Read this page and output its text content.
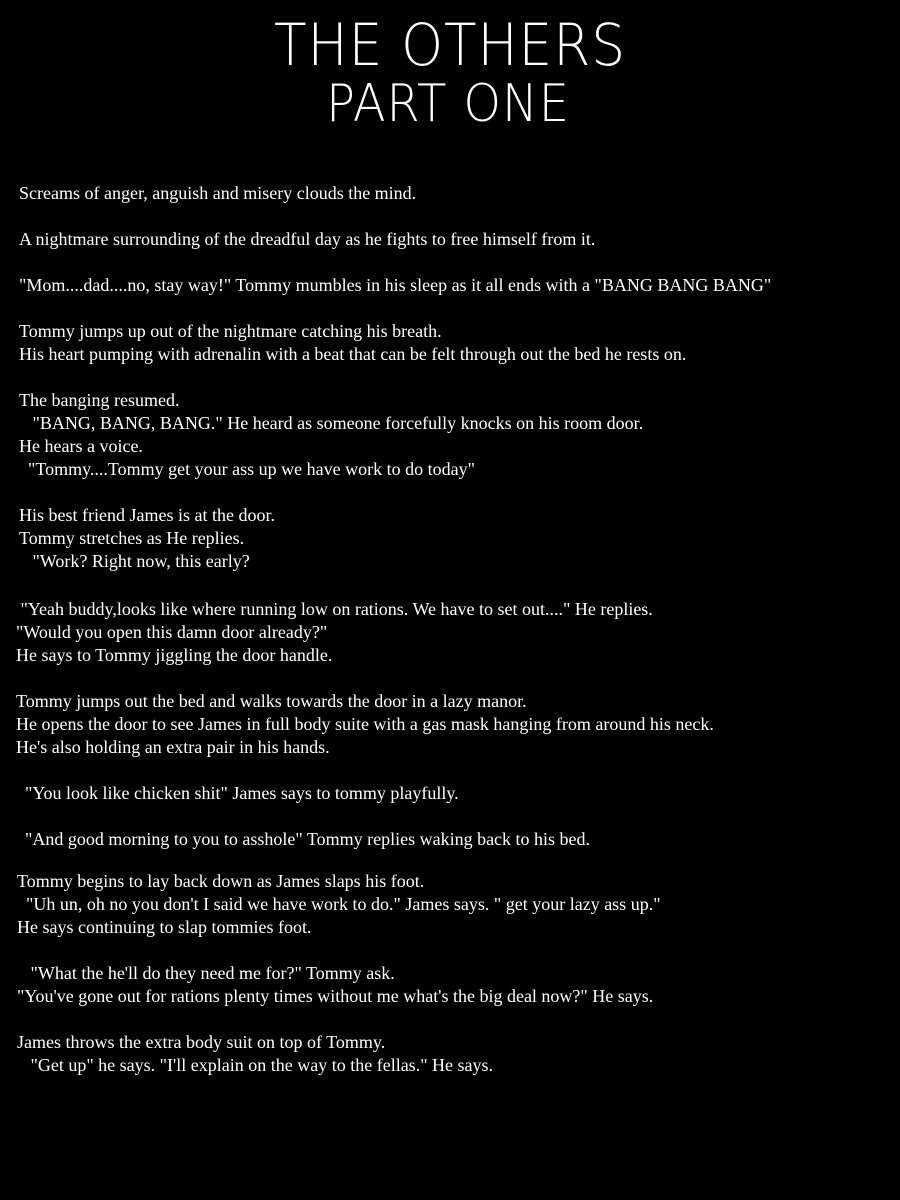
THE OTHERS
PART ONE
Screams of anger, anguish and misery clouds the mind.
A nightmare surrounding of the dreadful day as he fights to free himself from it.
"Mom....dad....no, stay way!" Tommy mumbles in his sleep as it all ends with a "BANG BANG BANG"
Tommy jumps up out of the nightmare catching his breath.
His heart pumping with adrenalin with a beat that can be felt through out the bed he rests on.
The banging resumed.
"BANG, BANG, BANG." He heard as someone forcefully knocks on his room door.
He hears a voice.
"Tommy....Tommy get your ass up we have work to do today"
His best friend James is at the door.
Tommy stretches as He replies.
"Work? Right now, this early?
"Yeah buddy,looks like where running low on rations. We have to set out...." He replies.
"Would you open this damn door already?"
He says to Tommy jiggling the door handle.
Tommy jumps out the bed and walks towards the door in a lazy manor.
He opens the door to see James in full body suite with a gas mask hanging from around his neck.
He's also holding an extra pair in his hands.
"You look like chicken shit" James says to tommy playfully.
"And good morning to you to asshole" Tommy replies waking back to his bed.
Tommy begins to lay back down as James slaps his foot.
"Uh un, oh no you don't I said we have work to do." James says. " get your lazy ass up."
He says continuing to slap tommies foot.
"What the he'll do they need me for?" Tommy ask.
"You've gone out for rations plenty times without me what's the big deal now?" He says.
James throws the extra body suit on top of Tommy.
"Get up" he says. "I'll explain on the way to the fellas." He says.
